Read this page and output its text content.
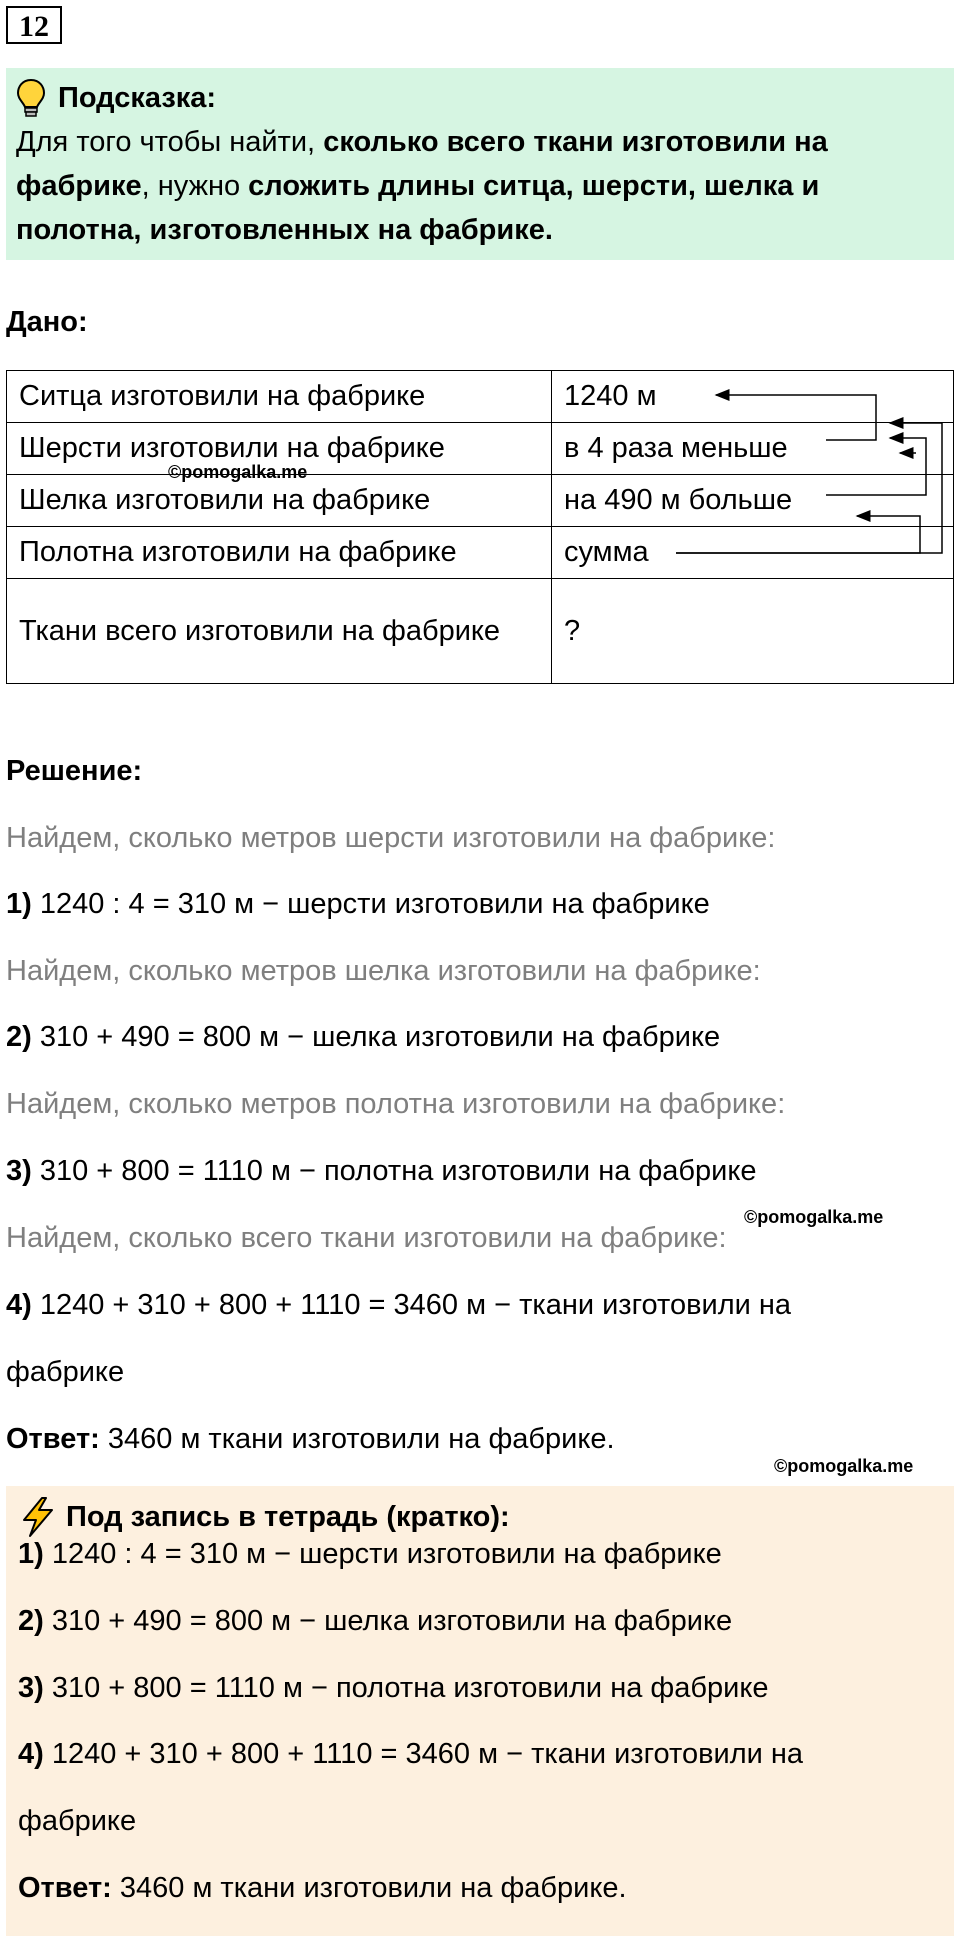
12
Подсказка:
Для того чтобы найти, сколько всего ткани изготовили на фабрике, нужно сложить длины ситца, шерсти, шелка и полотна, изготовленных на фабрике.
Дано:
Ситца изготовили на фабрике	1240 м
Шерсти изготовили на фабрике	в 4 раза меньше
Шелка изготовили на фабрике	на 490 м больше
Полотна изготовили на фабрике	сумма
Ткани всего изготовили на фабрике	?
©pomogalka.me
Решение:
Найдем, сколько метров шерсти изготовили на фабрике:
1) 1240 : 4 = 310 м − шерсти изготовили на фабрике
Найдем, сколько метров шелка изготовили на фабрике:
2) 310 + 490 = 800 м − шелка изготовили на фабрике
Найдем, сколько метров полотна изготовили на фабрике:
3) 310 + 800 = 1110 м − полотна изготовили на фабрике
©pomogalka.me
Найдем, сколько всего ткани изготовили на фабрике:
4) 1240 + 310 + 800 + 1110 = 3460 м − ткани изготовили на
фабрике
Ответ: 3460 м ткани изготовили на фабрике.
©pomogalka.me
Под запись в тетрадь (кратко):
1) 1240 : 4 = 310 м − шерсти изготовили на фабрике
2) 310 + 490 = 800 м − шелка изготовили на фабрике
3) 310 + 800 = 1110 м − полотна изготовили на фабрике
4) 1240 + 310 + 800 + 1110 = 3460 м − ткани изготовили на
фабрике
Ответ: 3460 м ткани изготовили на фабрике.
